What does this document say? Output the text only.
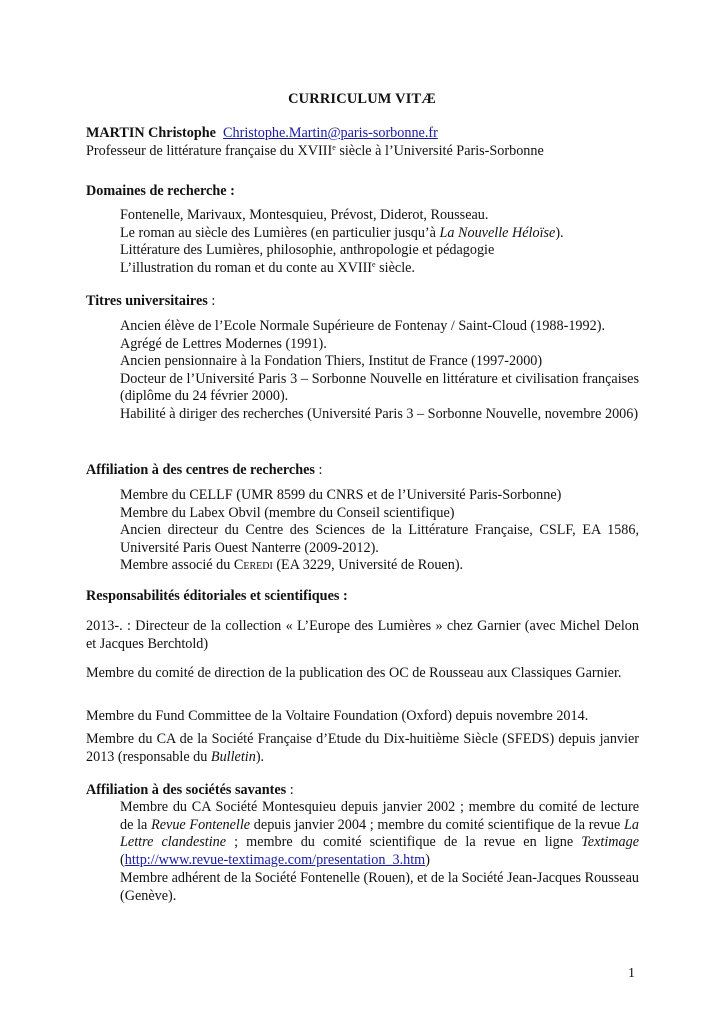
CURRICULUM VITÆ
MARTIN Christophe Christophe.Martin@paris-sorbonne.fr
Professeur de littérature française du XVIIIe siècle à l’Université Paris-Sorbonne
Domaines de recherche :
Fontenelle, Marivaux, Montesquieu, Prévost, Diderot, Rousseau.
Le roman au siècle des Lumières (en particulier jusqu’à La Nouvelle Héloïse).
Littérature des Lumières, philosophie, anthropologie et pédagogie
L’illustration du roman et du conte au XVIIIe siècle.
Titres universitaires :
Ancien élève de l’Ecole Normale Supérieure de Fontenay / Saint-Cloud (1988-1992).
Agrégé de Lettres Modernes (1991).
Ancien pensionnaire à la Fondation Thiers, Institut de France (1997-2000)
Docteur de l’Université Paris 3 – Sorbonne Nouvelle en littérature et civilisation françaises (diplôme du 24 février 2000).
Habilité à diriger des recherches (Université Paris 3 – Sorbonne Nouvelle, novembre 2006)
Affiliation à des centres de recherches :
Membre du CELLF (UMR 8599 du CNRS et de l’Université Paris-Sorbonne)
Membre du Labex Obvil (membre du Conseil scientifique)
Ancien directeur du Centre des Sciences de la Littérature Française, CSLF, EA 1586, Université Paris Ouest Nanterre (2009-2012).
Membre associé du Ceredi (EA 3229, Université de Rouen).
Responsabilités éditoriales et scientifiques :
2013-. : Directeur de la collection « L’Europe des Lumières » chez Garnier (avec Michel Delon et Jacques Berchtold)
Membre du comité de direction de la publication des OC de Rousseau aux Classiques Garnier.
Membre du Fund Committee de la Voltaire Foundation (Oxford) depuis novembre 2014.
Membre du CA de la Société Française d’Etude du Dix-huitième Siècle (SFEDS) depuis janvier 2013 (responsable du Bulletin).
Affiliation à des sociétés savantes :
Membre du CA Société Montesquieu depuis janvier 2002 ; membre du comité de lecture de la Revue Fontenelle depuis janvier 2004 ; membre du comité scientifique de la revue La Lettre clandestine ; membre du comité scientifique de la revue en ligne Textimage (http://www.revue-textimage.com/presentation_3.htm)
Membre adhérent de la Société Fontenelle (Rouen), et de la Société Jean-Jacques Rousseau (Genève).
1
